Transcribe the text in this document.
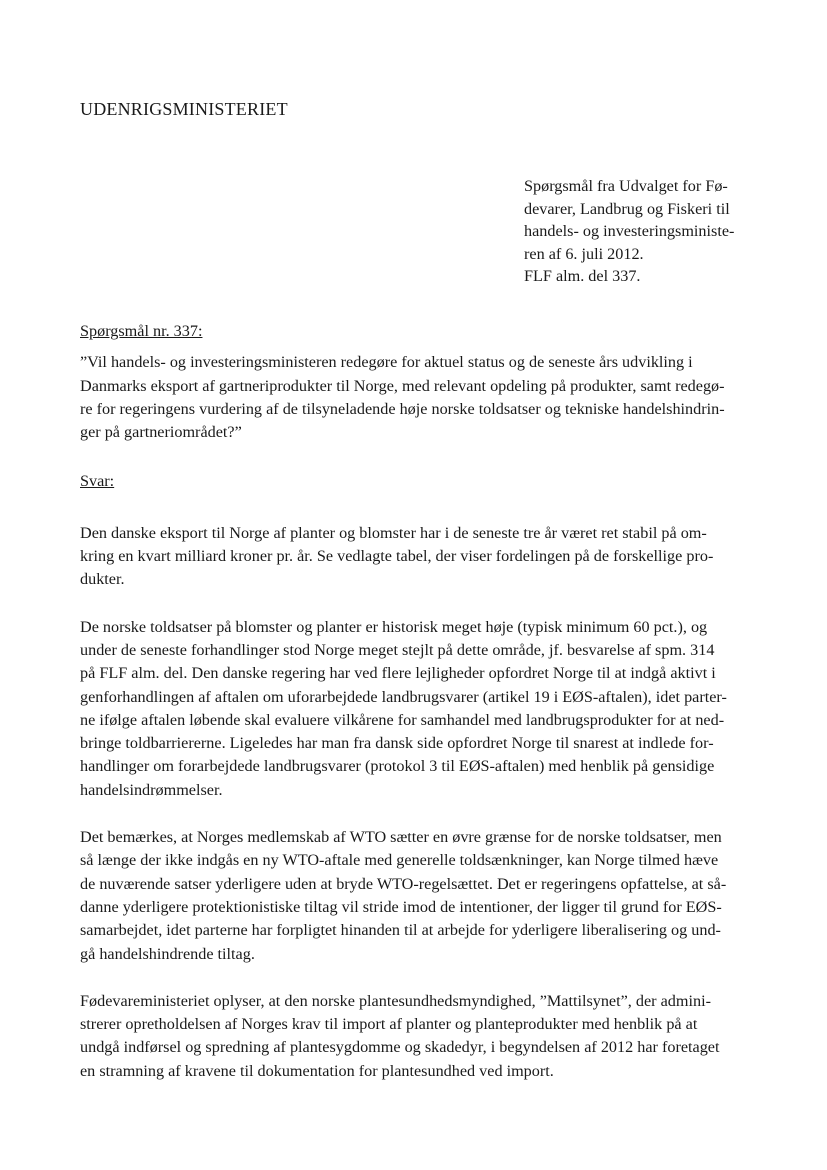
UDENRIGSMINISTERIET
Spørgsmål fra Udvalget for Fø-
devarer, Landbrug og Fiskeri til
handels- og investeringsministe-
ren af 6. juli 2012.
FLF alm. del 337.

Spørgsmål nr. 337:

”Vil handels- og investeringsministeren redegøre for aktuel status og de seneste års udvikling i
Danmarks eksport af gartneriprodukter til Norge, med relevant opdeling på produkter, samt redegø-
re for regeringens vurdering af de tilsyneladende høje norske toldsatser og tekniske handelshindrin-
ger på gartneriområdet?”

Svar:

Den danske eksport til Norge af planter og blomster har i de seneste tre år været ret stabil på om-
kring en kvart milliard kroner pr. år. Se vedlagte tabel, der viser fordelingen på de forskellige pro-
dukter.

De norske toldsatser på blomster og planter er historisk meget høje (typisk minimum 60 pct.), og
under de seneste forhandlinger stod Norge meget stejlt på dette område, jf. besvarelse af spm. 314
på FLF alm. del. Den danske regering har ved flere lejligheder opfordret Norge til at indgå aktivt i
genforhandlingen af aftalen om uforarbejdede landbrugsvarer (artikel 19 i EØS-aftalen), idet parter-
ne ifølge aftalen løbende skal evaluere vilkårene for samhandel med landbrugsprodukter for at ned-
bringe toldbarriererne. Ligeledes har man fra dansk side opfordret Norge til snarest at indlede for-
handlinger om forarbejdede landbrugsvarer (protokol 3 til EØS-aftalen) med henblik på gensidige
handelsindrømmelser.

Det bemærkes, at Norges medlemskab af WTO sætter en øvre grænse for de norske toldsatser, men
så længe der ikke indgås en ny WTO-aftale med generelle toldsænkninger, kan Norge tilmed hæve
de nuværende satser yderligere uden at bryde WTO-regelsættet. Det er regeringens opfattelse, at så-
danne yderligere protektionistiske tiltag vil stride imod de intentioner, der ligger til grund for EØS-
samarbejdet, idet parterne har forpligtet hinanden til at arbejde for yderligere liberalisering og und-
gå handelshindrende tiltag.

Fødevareministeriet oplyser, at den norske plantesundhedsmyndighed, ”Mattilsynet”, der admini-
strerer opretholdelsen af Norges krav til import af planter og planteprodukter med henblik på at
undgå indførsel og spredning af plantesygdomme og skadedyr, i begyndelsen af 2012 har foretaget
en stramning af kravene til dokumentation for plantesundhed ved import.
